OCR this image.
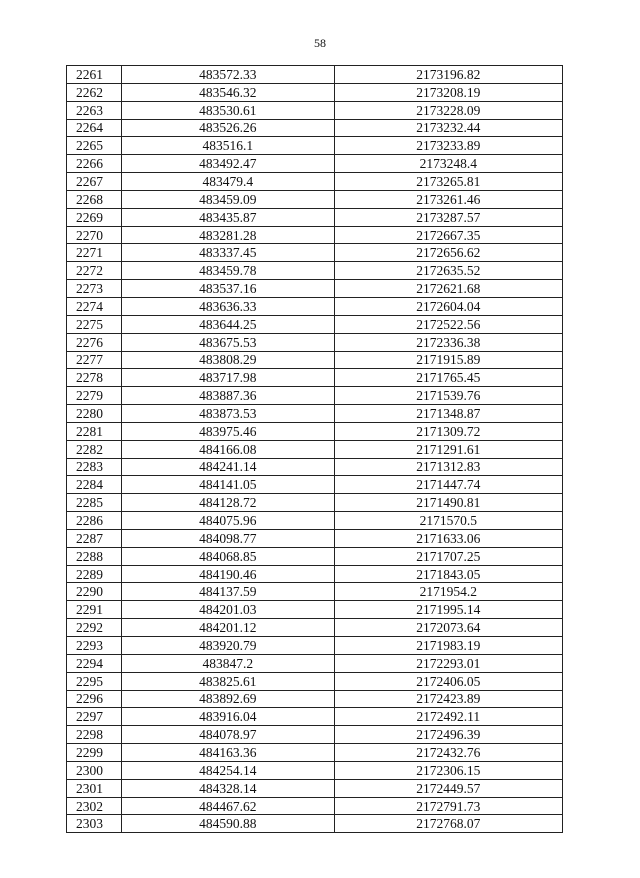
58
2261	483572.33	2173196.82
2262	483546.32	2173208.19
2263	483530.61	2173228.09
2264	483526.26	2173232.44
2265	483516.1	2173233.89
2266	483492.47	2173248.4
2267	483479.4	2173265.81
2268	483459.09	2173261.46
2269	483435.87	2173287.57
2270	483281.28	2172667.35
2271	483337.45	2172656.62
2272	483459.78	2172635.52
2273	483537.16	2172621.68
2274	483636.33	2172604.04
2275	483644.25	2172522.56
2276	483675.53	2172336.38
2277	483808.29	2171915.89
2278	483717.98	2171765.45
2279	483887.36	2171539.76
2280	483873.53	2171348.87
2281	483975.46	2171309.72
2282	484166.08	2171291.61
2283	484241.14	2171312.83
2284	484141.05	2171447.74
2285	484128.72	2171490.81
2286	484075.96	2171570.5
2287	484098.77	2171633.06
2288	484068.85	2171707.25
2289	484190.46	2171843.05
2290	484137.59	2171954.2
2291	484201.03	2171995.14
2292	484201.12	2172073.64
2293	483920.79	2171983.19
2294	483847.2	2172293.01
2295	483825.61	2172406.05
2296	483892.69	2172423.89
2297	483916.04	2172492.11
2298	484078.97	2172496.39
2299	484163.36	2172432.76
2300	484254.14	2172306.15
2301	484328.14	2172449.57
2302	484467.62	2172791.73
2303	484590.88	2172768.07
